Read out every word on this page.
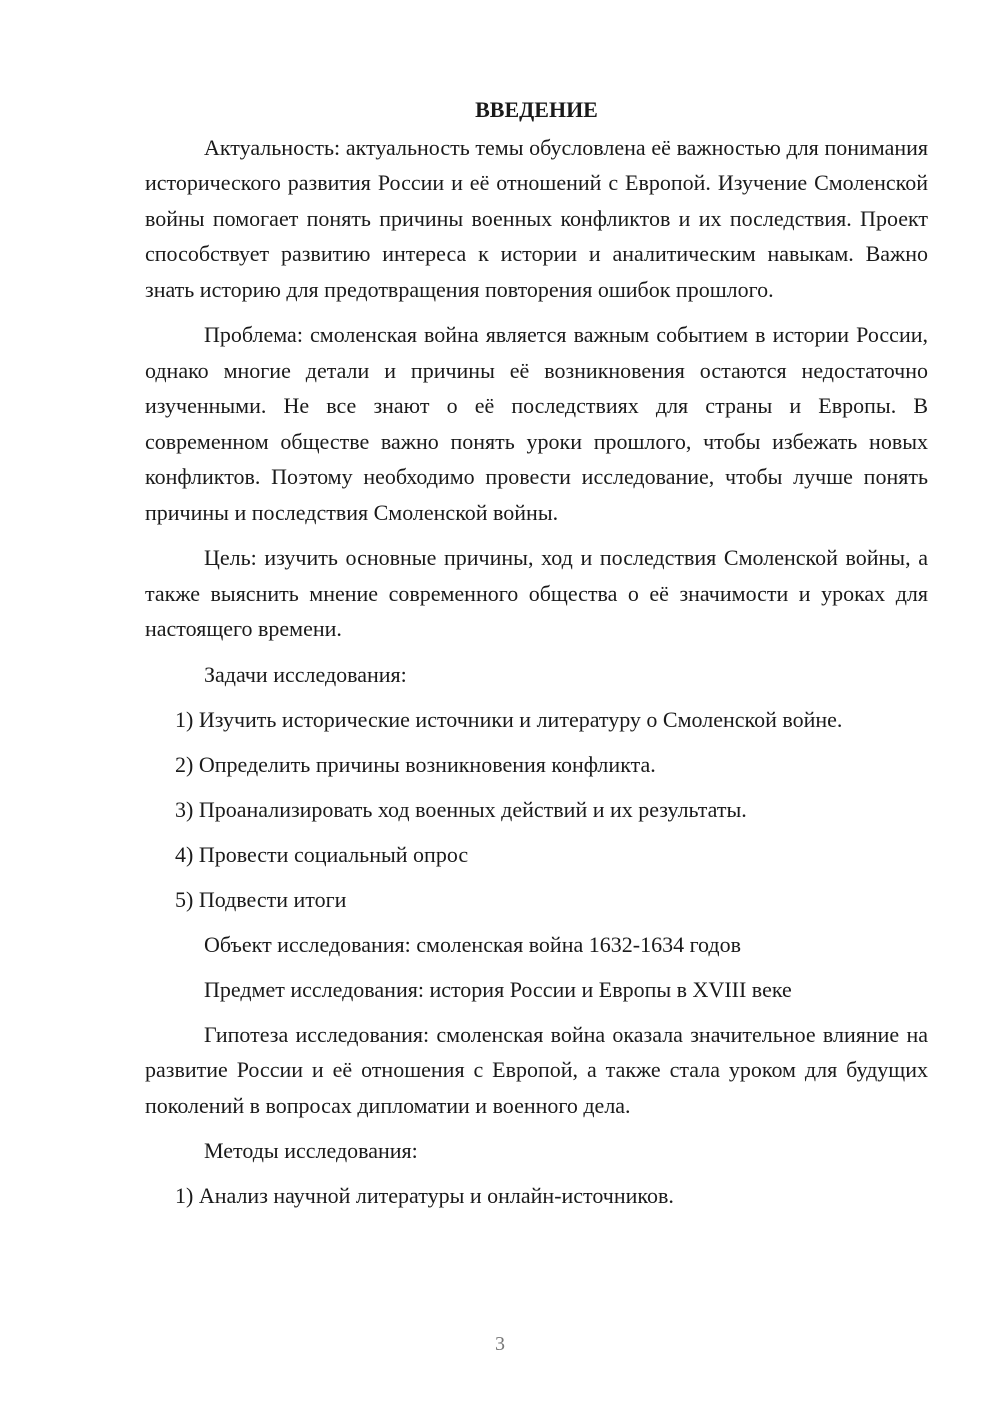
ВВЕДЕНИЕ

Актуальность: актуальность темы обусловлена её важностью для понимания исторического развития России и её отношений с Европой. Изучение Смоленской войны помогает понять причины военных конфликтов и их последствия. Проект способствует развитию интереса к истории и аналитическим навыкам. Важно знать историю для предотвращения повторения ошибок прошлого.

Проблема: смоленская война является важным событием в истории России, однако многие детали и причины её возникновения остаются недостаточно изученными. Не все знают о её последствиях для страны и Европы. В современном обществе важно понять уроки прошлого, чтобы избежать новых конфликтов. Поэтому необходимо провести исследование, чтобы лучше понять причины и последствия Смоленской войны.

Цель: изучить основные причины, ход и последствия Смоленской войны, а также выяснить мнение современного общества о её значимости и уроках для настоящего времени.

Задачи исследования:
1) Изучить исторические источники и литературу о Смоленской войне.
2) Определить причины возникновения конфликта.
3) Проанализировать ход военных действий и их результаты.
4) Провести социальный опрос
5) Подвести итоги
Объект исследования: смоленская война 1632-1634 годов
Предмет исследования: история России и Европы в XVIII веке

Гипотеза исследования: смоленская война оказала значительное влияние на развитие России и её отношения с Европой, а также стала уроком для будущих поколений в вопросах дипломатии и военного дела.

Методы исследования:
1) Анализ научной литературы и онлайн-источников.
3
